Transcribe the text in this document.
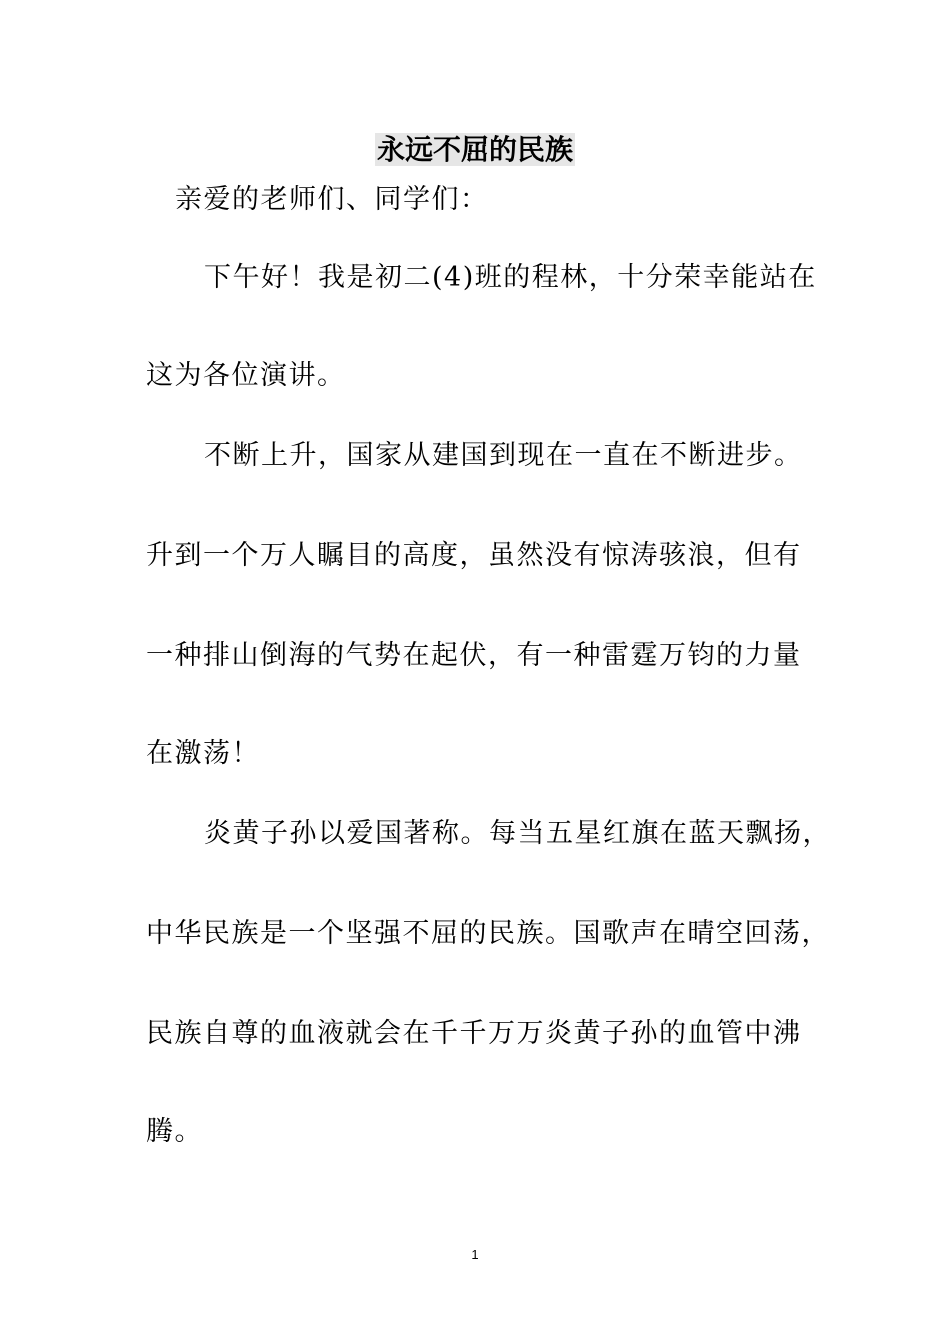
永远不屈的民族
亲爱的老师们、同学们：
下午好！我是初二(4)班的程林，十分荣幸能站在
这为各位演讲。
不断上升，国家从建国到现在一直在不断进步。
升到一个万人瞩目的高度，虽然没有惊涛骇浪，但有
一种排山倒海的气势在起伏，有一种雷霆万钧的力量
在激荡！
炎黄子孙以爱国著称。每当五星红旗在蓝天飘扬，
中华民族是一个坚强不屈的民族。国歌声在晴空回荡，
民族自尊的血液就会在千千万万炎黄子孙的血管中沸
腾。
1
